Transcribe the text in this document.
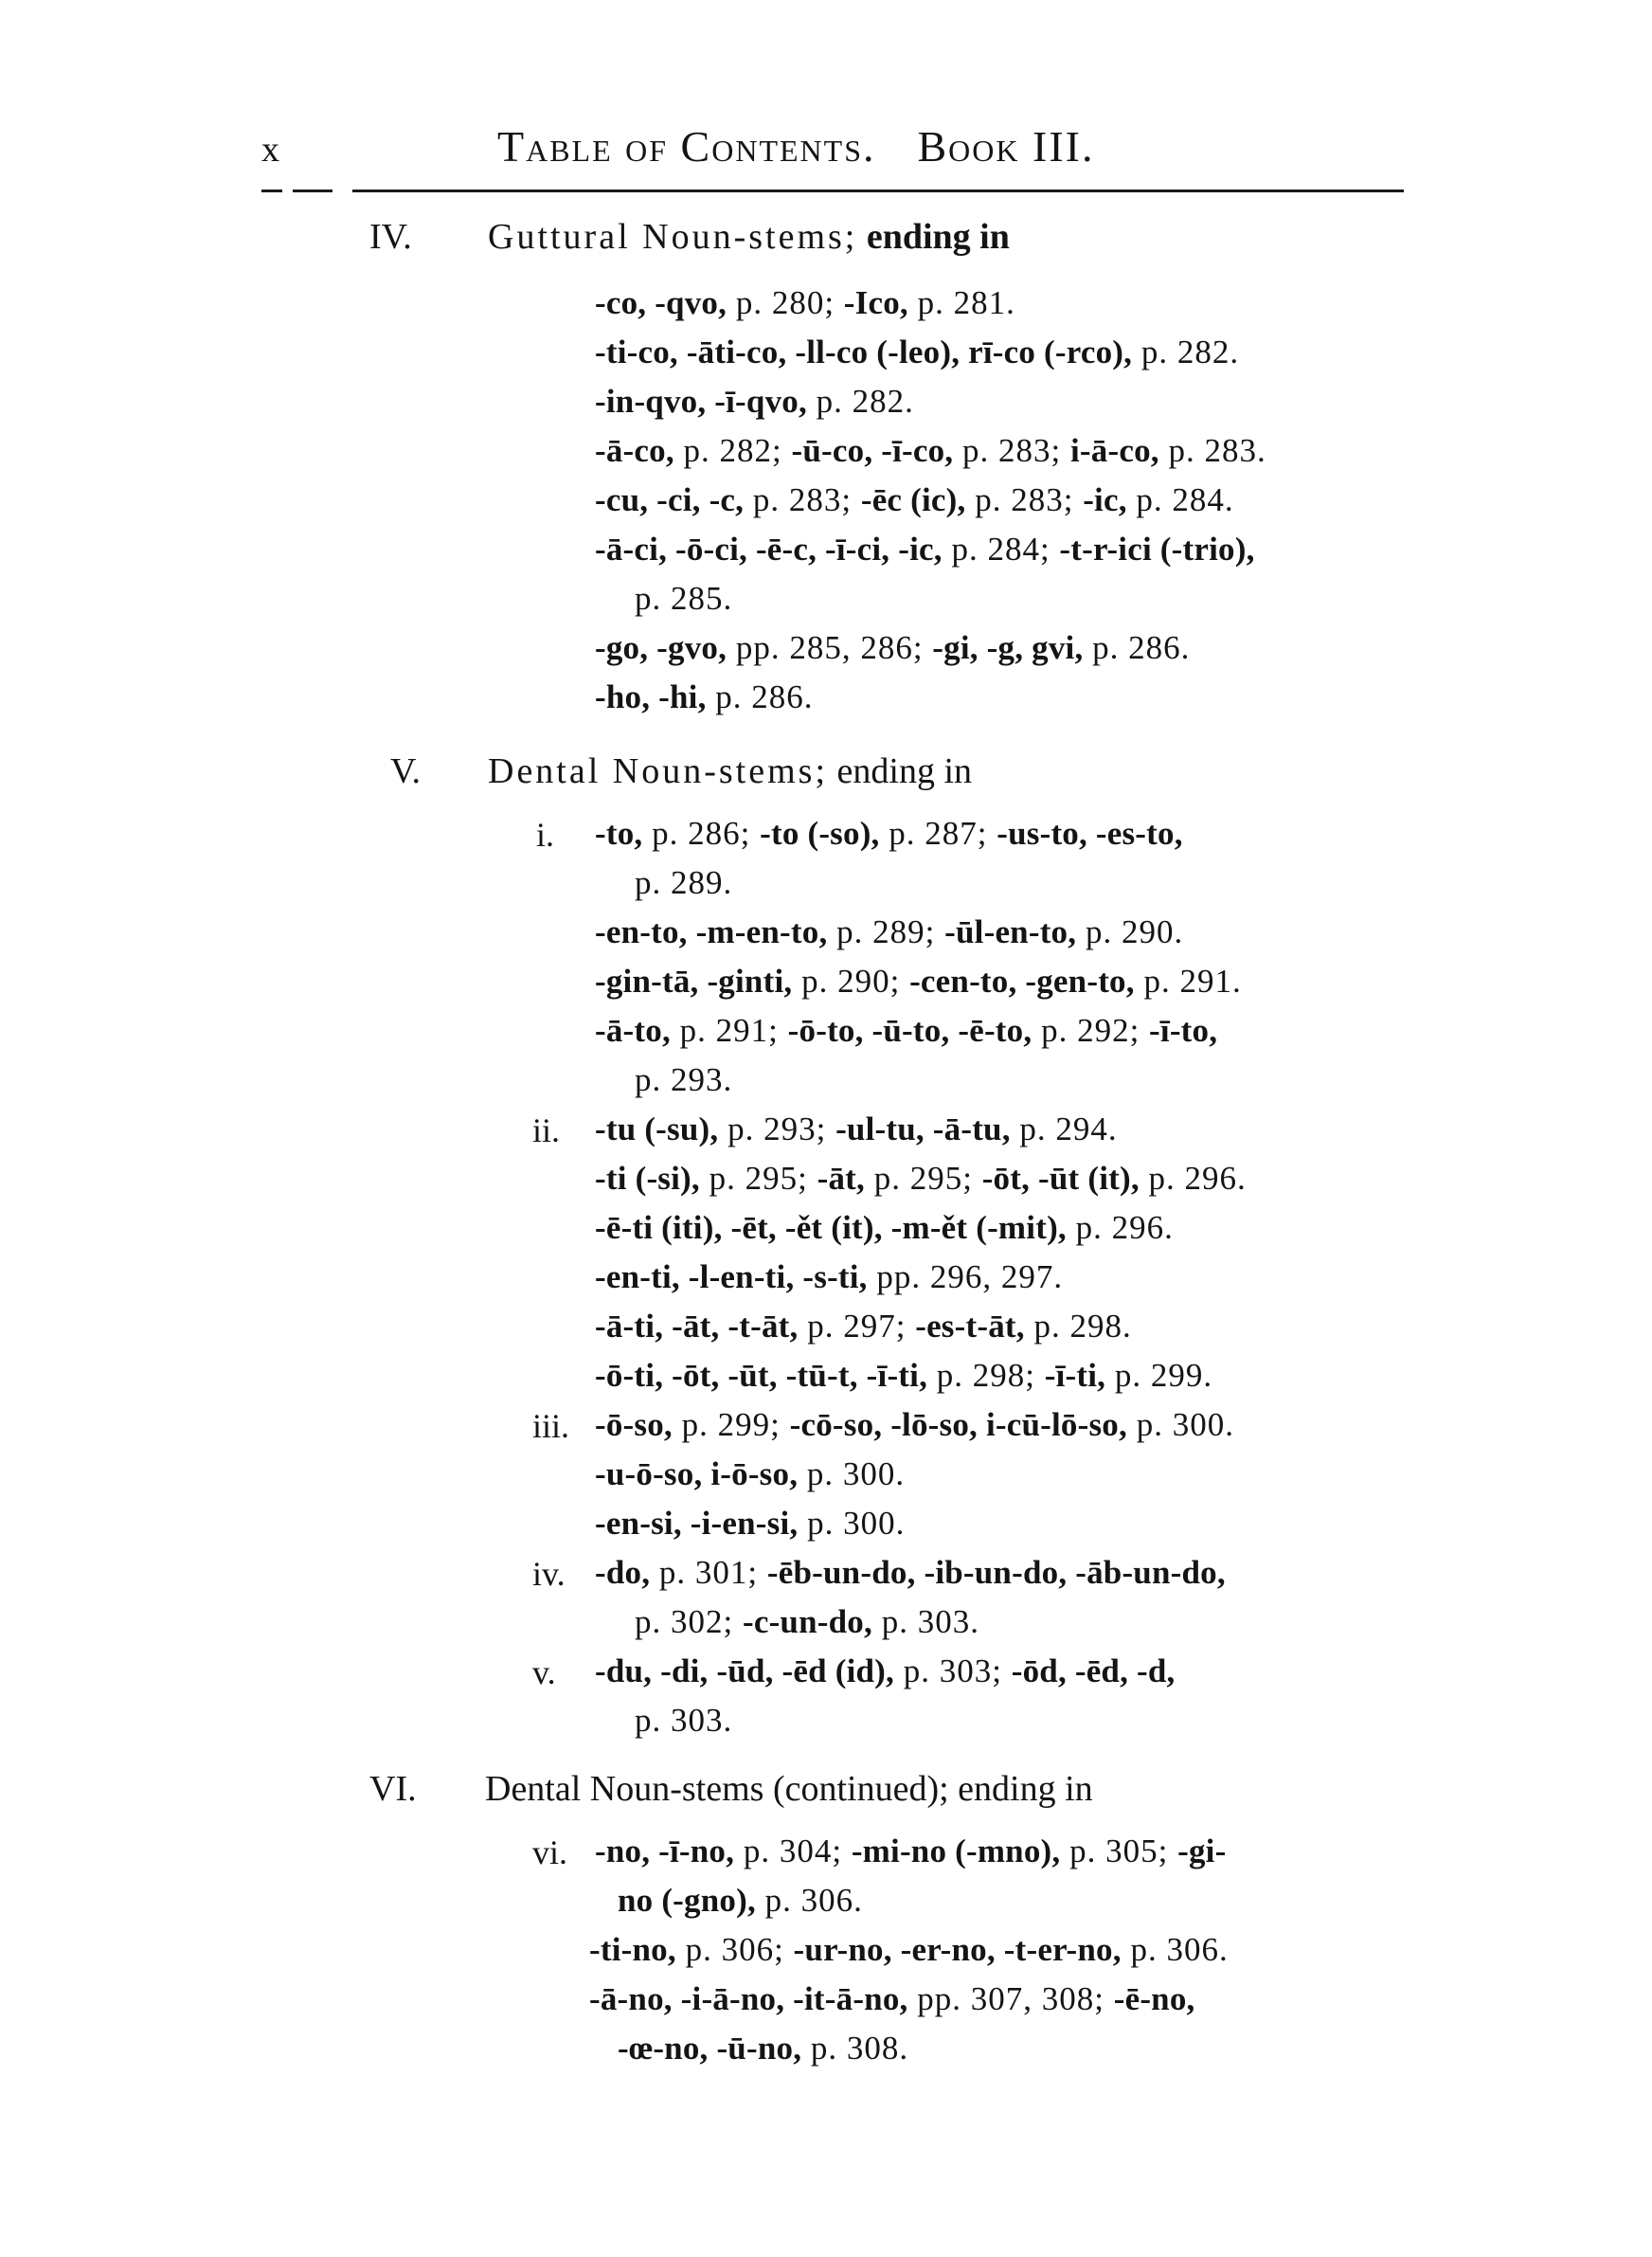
x	Table of Contents. Book III.
IV. Guttural Noun-stems; ending in
-co, -qvo, p. 280; -Ico, p. 281.
-ti-co, -āti-co, -ll-co (-leo), rī-co (-rco), p. 282.
-in-qvo, -ī-qvo, p. 282.
-ā-co, p. 282; -ū-co, -ī-co, p. 283; i-ā-co, p. 283.
-cu, -ci, -c, p. 283; -ēc (ic), p. 283; -ic, p. 284.
-ā-ci, -ō-ci, -ē-c, -ī-ci, -ic, p. 284; -t-r-ici (-trio),
p. 285.
-go, -gvo, pp. 285, 286; -gi, -g, gvi, p. 286.
-ho, -hi, p. 286.
V. Dental Noun-stems; ending in
i. -to, p. 286; -to (-so), p. 287; -us-to, -es-to,
p. 289.
-en-to, -m-en-to, p. 289; -ūl-en-to, p. 290.
-gin-tā, -ginti, p. 290; -cen-to, -gen-to, p. 291.
-ā-to, p. 291; -ō-to, -ū-to, -ē-to, p. 292; -ī-to,
p. 293.
ii. -tu (-su), p. 293; -ul-tu, -ā-tu, p. 294.
-ti (-si), p. 295; -āt, p. 295; -ōt, -ūt (it), p. 296.
-ē-ti (iti), -ēt, -ět (it), -m-ět (-mit), p. 296.
-en-ti, -l-en-ti, -s-ti, pp. 296, 297.
-ā-ti, -āt, -t-āt, p. 297; -es-t-āt, p. 298.
-ō-ti, -ōt, -ūt, -tū-t, -ī-ti, p. 298; -ī-ti, p. 299.
iii. -ō-so, p. 299; -cō-so, -lō-so, i-cū-lō-so, p. 300.
-u-ō-so, i-ō-so, p. 300.
-en-si, -i-en-si, p. 300.
iv. -do, p. 301; -ēb-un-do, -ib-un-do, -āb-un-do,
p. 302; -c-un-do, p. 303.
v. -du, -di, -ūd, -ēd (id), p. 303; -ōd, -ēd, -d,
p. 303.
VI. Dental Noun-stems (continued); ending in
vi. -no, -ī-no, p. 304; -mi-no (-mno), p. 305; -gi-
no (-gno), p. 306.
-ti-no, p. 306; -ur-no, -er-no, -t-er-no, p. 306.
-ā-no, -i-ā-no, -it-ā-no, pp. 307, 308; -ē-no,
-œ-no, -ū-no, p. 308.
